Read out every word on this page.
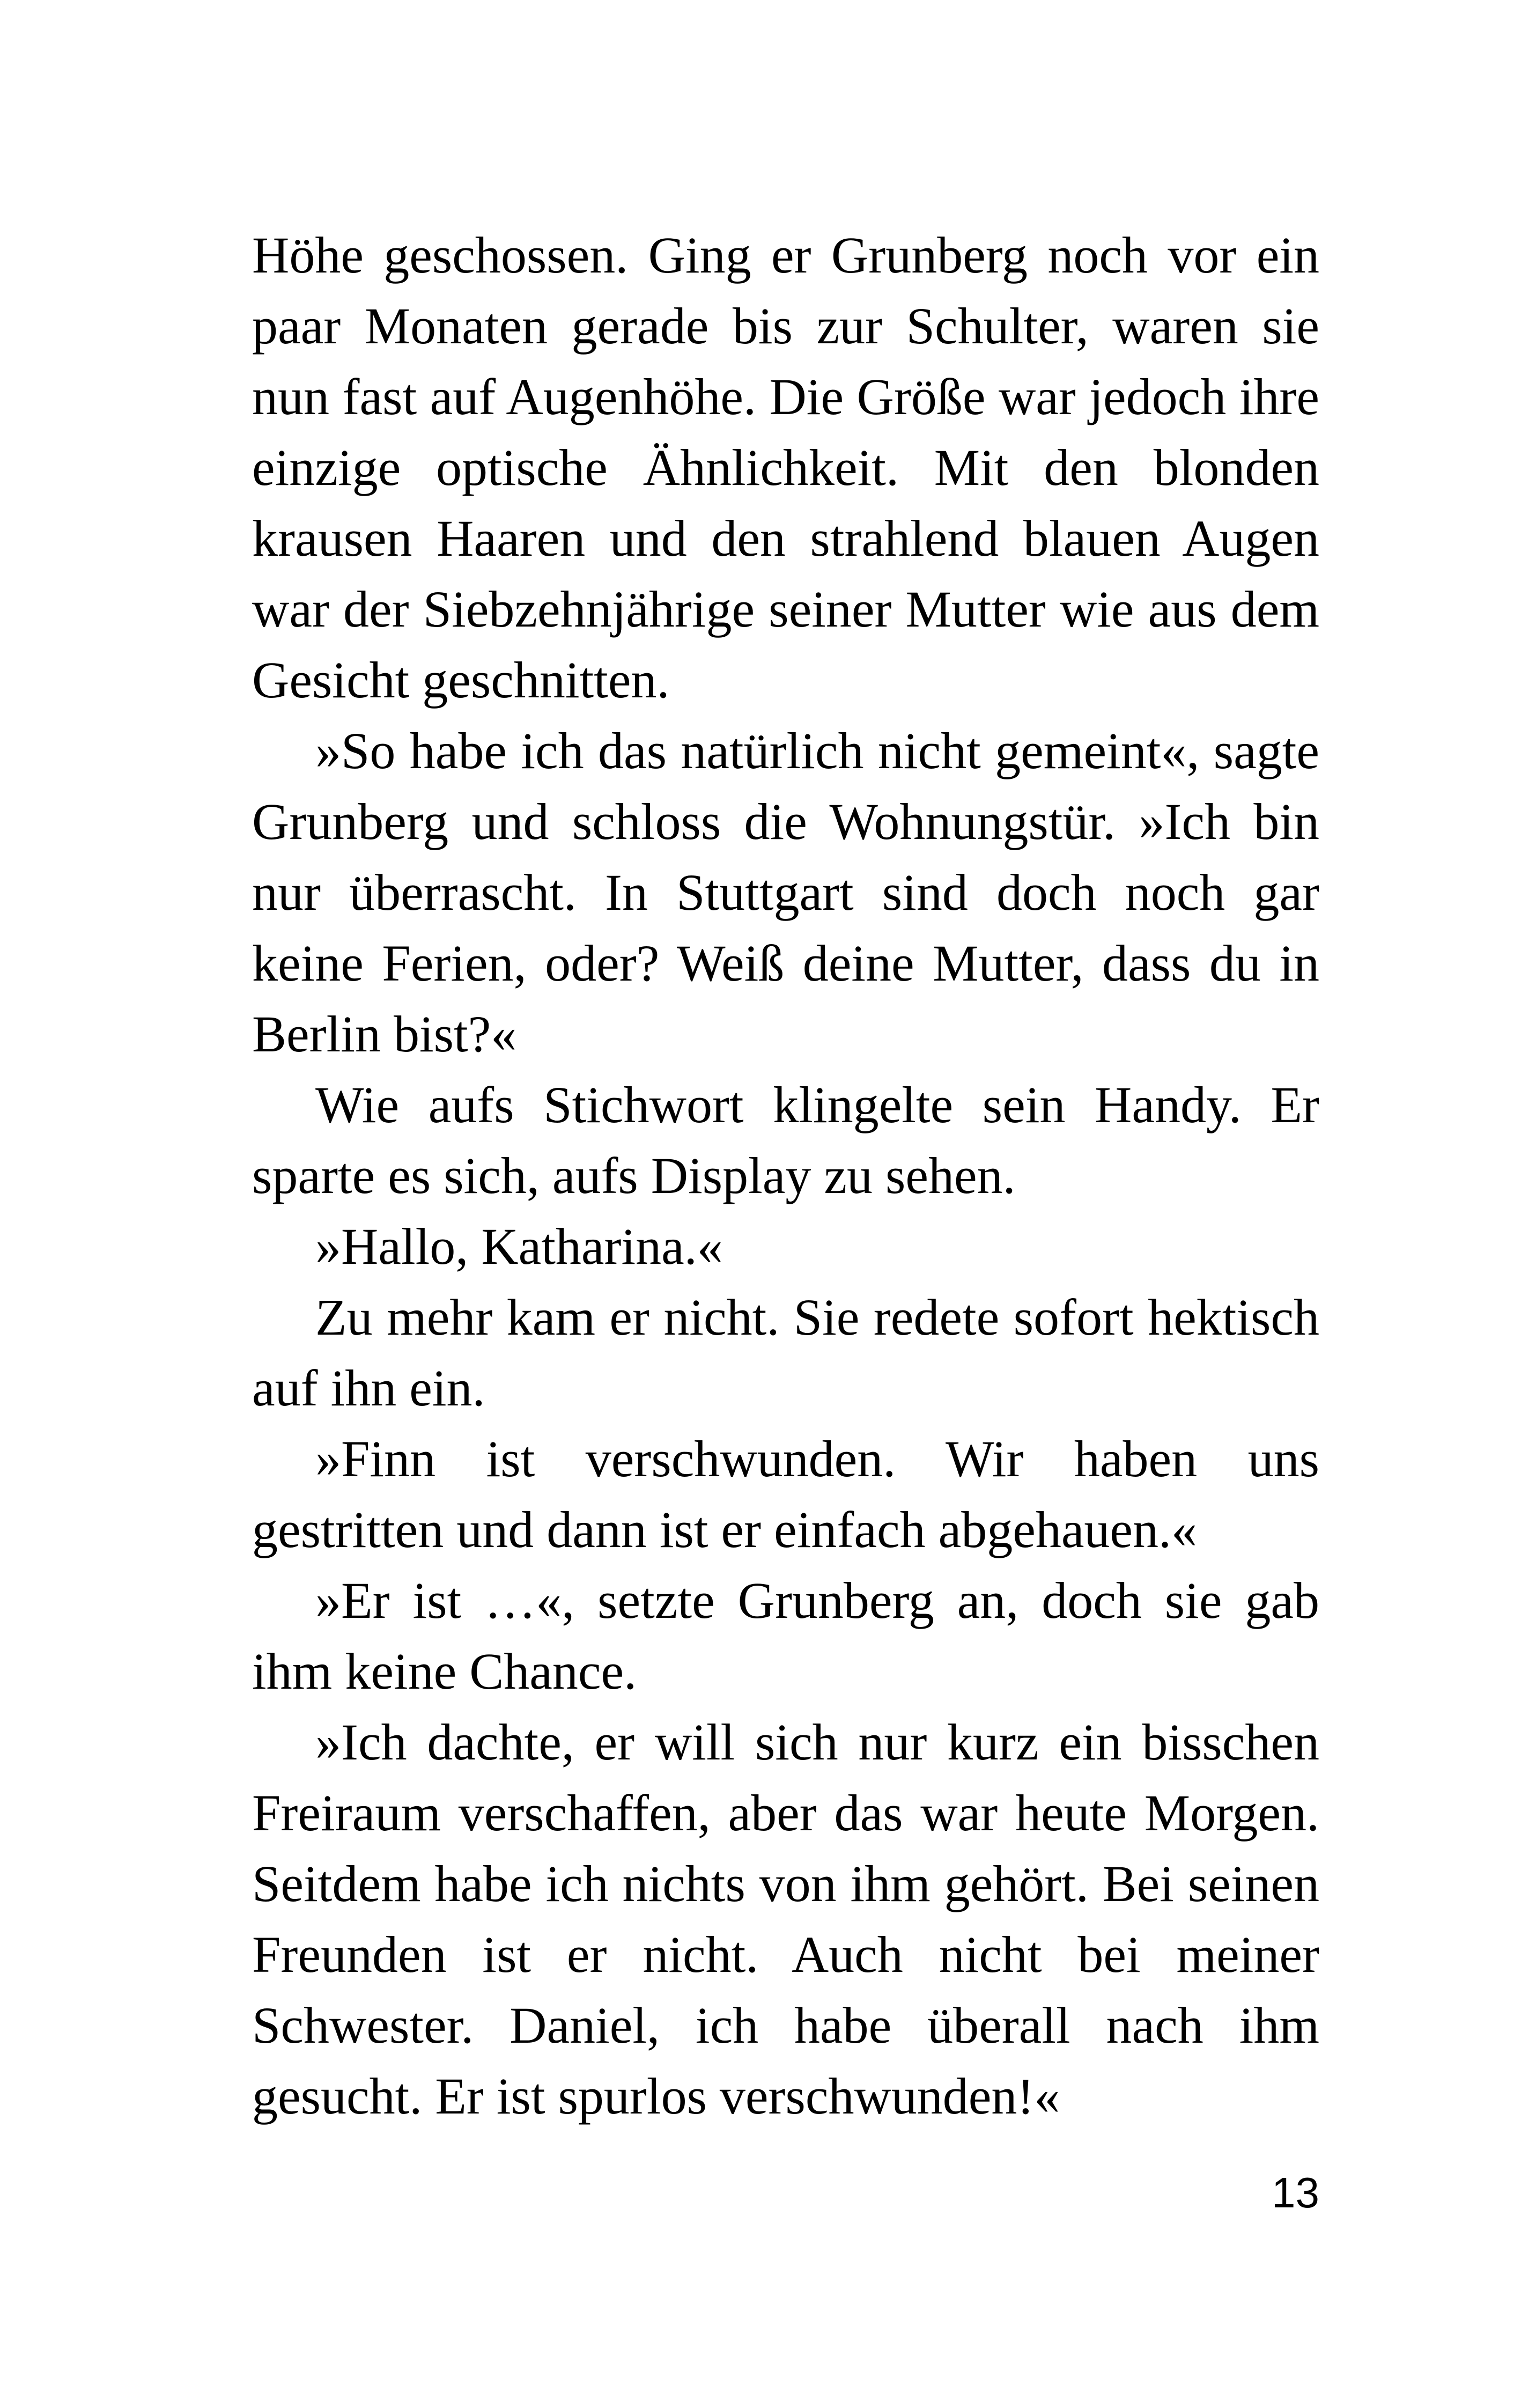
Höhe geschossen. Ging er Grunberg noch vor ein paar Monaten gerade bis zur Schulter, waren sie nun fast auf Augenhöhe. Die Größe war jedoch ihre einzige optische Ähnlichkeit. Mit den blonden krausen Haaren und den strahlend blauen Augen war der Siebzehnjährige seiner Mutter wie aus dem Gesicht geschnitten.

»So habe ich das natürlich nicht gemeint«, sagte Grunberg und schloss die Wohnungstür. »Ich bin nur überrascht. In Stuttgart sind doch noch gar keine Ferien, oder? Weiß deine Mutter, dass du in Berlin bist?«

Wie aufs Stichwort klingelte sein Handy. Er sparte es sich, aufs Display zu sehen.

»Hallo, Katharina.«

Zu mehr kam er nicht. Sie redete sofort hektisch auf ihn ein.

»Finn ist verschwunden. Wir haben uns gestritten und dann ist er einfach abgehauen.«

»Er ist …«, setzte Grunberg an, doch sie gab ihm keine Chance.

»Ich dachte, er will sich nur kurz ein bisschen Freiraum verschaffen, aber das war heute Morgen. Seitdem habe ich nichts von ihm gehört. Bei seinen Freunden ist er nicht. Auch nicht bei meiner Schwester. Daniel, ich habe überall nach ihm gesucht. Er ist spurlos verschwunden!«

13
